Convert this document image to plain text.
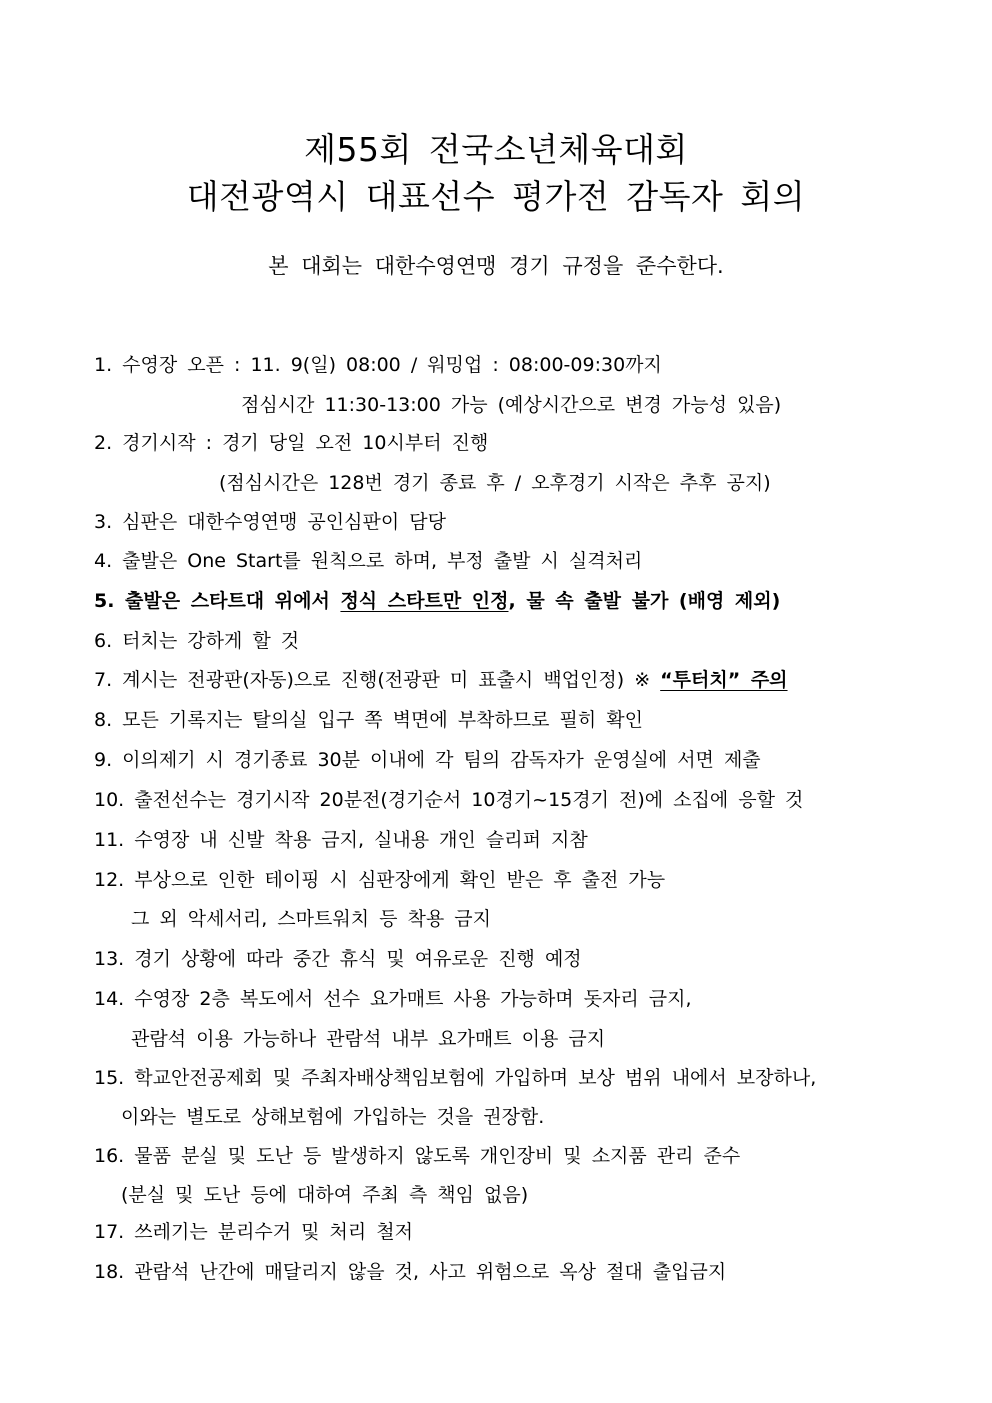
제55회 전국소년체육대회
대전광역시 대표선수 평가전 감독자 회의
본 대회는 대한수영연맹 경기 규정을 준수한다.
1. 수영장 오픈 : 11. 9(일) 08:00 / 워밍업 : 08:00-09:30까지
점심시간 11:30-13:00 가능 (예상시간으로 변경 가능성 있음)
2. 경기시작 : 경기 당일 오전 10시부터 진행
(점심시간은 128번 경기 종료 후 / 오후경기 시작은 추후 공지)
3. 심판은 대한수영연맹 공인심판이 담당
4. 출발은 One Start를 원칙으로 하며, 부정 출발 시 실격처리
5. 출발은 스타트대 위에서 정식 스타트만 인정, 물 속 출발 불가 (배영 제외)
6. 터치는 강하게 할 것
7. 계시는 전광판(자동)으로 진행(전광판 미 표출시 백업인정) ※ “투터치” 주의
8. 모든 기록지는 탈의실 입구 쪽 벽면에 부착하므로 필히 확인
9. 이의제기 시 경기종료 30분 이내에 각 팀의 감독자가 운영실에 서면 제출
10. 출전선수는 경기시작 20분전(경기순서 10경기~15경기 전)에 소집에 응할 것
11. 수영장 내 신발 착용 금지, 실내용 개인 슬리퍼 지참
12. 부상으로 인한 테이핑 시 심판장에게 확인 받은 후 출전 가능
그 외 악세서리, 스마트워치 등 착용 금지
13. 경기 상황에 따라 중간 휴식 및 여유로운 진행 예정
14. 수영장 2층 복도에서 선수 요가매트 사용 가능하며 돗자리 금지,
관람석 이용 가능하나 관람석 내부 요가매트 이용 금지
15. 학교안전공제회 및 주최자배상책임보험에 가입하며 보상 범위 내에서 보장하나,
이와는 별도로 상해보험에 가입하는 것을 권장함.
16. 물품 분실 및 도난 등 발생하지 않도록 개인장비 및 소지품 관리 준수
(분실 및 도난 등에 대하여 주최 측 책임 없음)
17. 쓰레기는 분리수거 및 처리 철저
18. 관람석 난간에 매달리지 않을 것, 사고 위험으로 옥상 절대 출입금지
